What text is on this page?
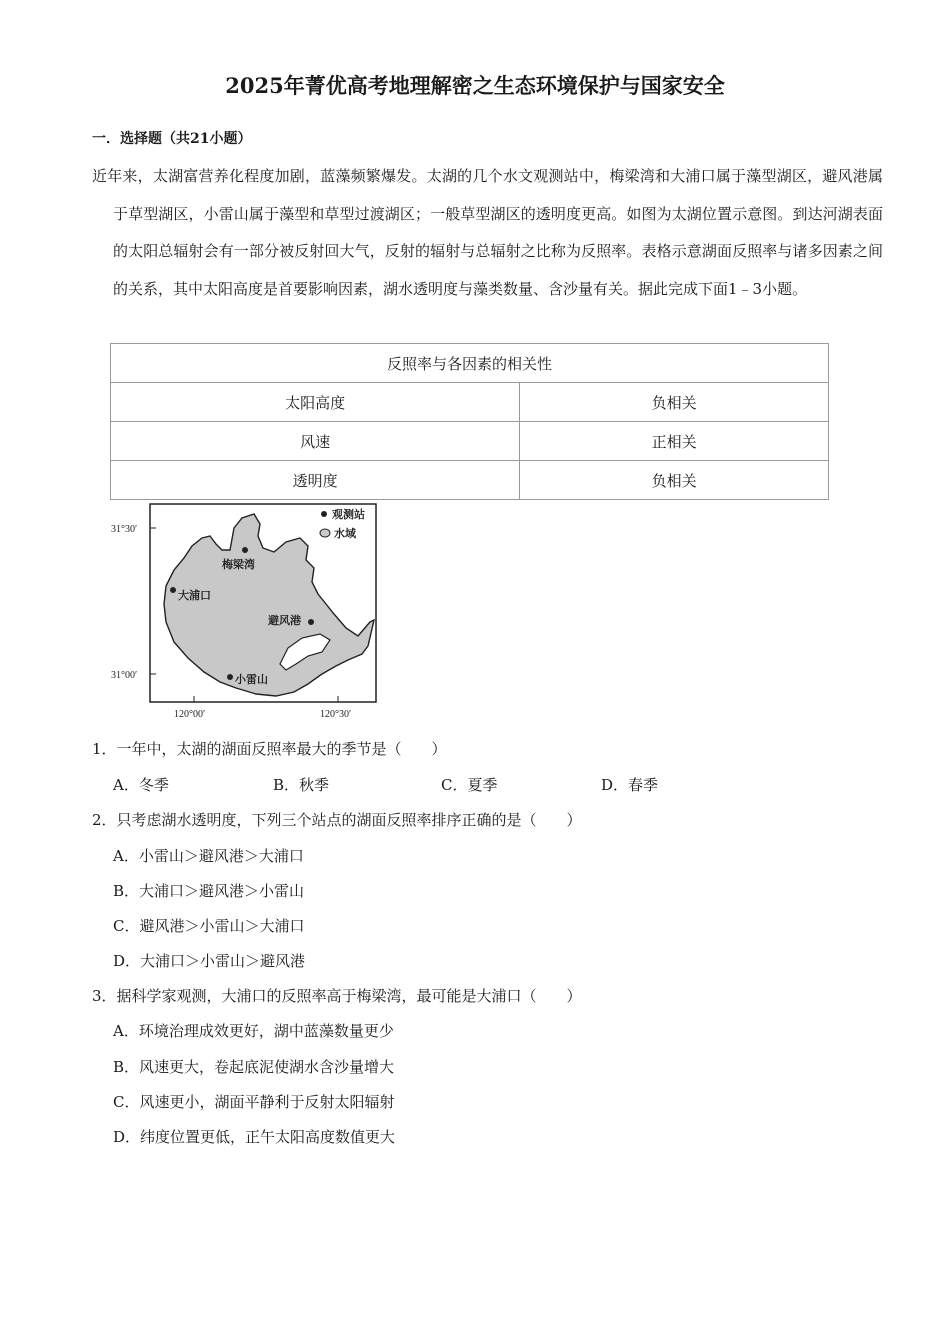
2025年菁优高考地理解密之生态环境保护与国家安全
一．选择题（共21小题）
近年来，太湖富营养化程度加剧，蓝藻频繁爆发。太湖的几个水文观测站中，梅梁湾和大浦口属于藻型湖区，避风港属于草型湖区，小雷山属于藻型和草型过渡湖区；一般草型湖区的透明度更高。如图为太湖位置示意图。到达河湖表面的太阳总辐射会有一部分被反射回大气，反射的辐射与总辐射之比称为反照率。表格示意湖面反照率与诸多因素之间的关系，其中太阳高度是首要影响因素，湖水透明度与藻类数量、含沙量有关。据此完成下面1﹣3小题。
反照率与各因素的相关性	
太阳高度	负相关
风速	正相关
透明度	负相关
31°30′
31°00′
120°00′	120°30′
观测站
水域
梅梁湾
大浦口
避风港
小雷山
1．一年中，太湖的湖面反照率最大的季节是（　　）
A．冬季	B．秋季	C．夏季	D．春季
2．只考虑湖水透明度，下列三个站点的湖面反照率排序正确的是（　　）
A．小雷山＞避风港＞大浦口
B．大浦口＞避风港＞小雷山
C．避风港＞小雷山＞大浦口
D．大浦口＞小雷山＞避风港
3．据科学家观测，大浦口的反照率高于梅梁湾，最可能是大浦口（　　）
A．环境治理成效更好，湖中蓝藻数量更少
B．风速更大，卷起底泥使湖水含沙量增大
C．风速更小，湖面平静利于反射太阳辐射
D．纬度位置更低，正午太阳高度数值更大
